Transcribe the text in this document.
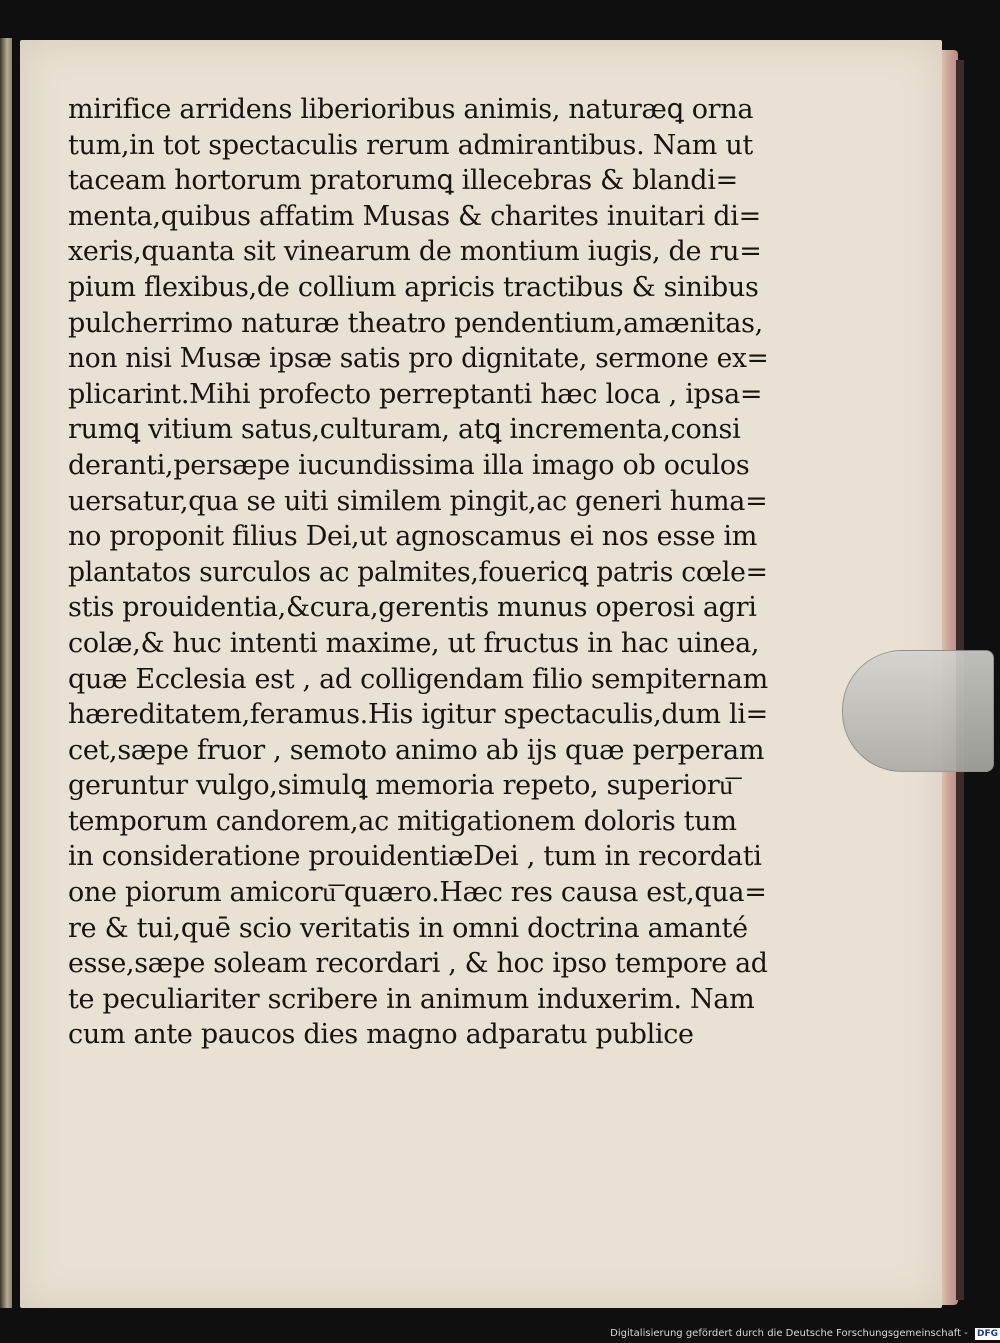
mirifice arridens liberioribus animis, naturæꝗ orna
tum,in tot spectaculis rerum admirantibus. Nam ut
taceam hortorum pratorumꝗ illecebras & blandi=
menta,quibus affatim Musas & charites inuitari di=
xeris,quanta sit vinearum de montium iugis, de ru=
pium flexibus,de collium apricis tractibus & sinibus
pulcherrimo naturæ theatro pendentium,amænitas,
non nisi Musæ ipsæ satis pro dignitate, sermone ex=
plicarint.Mihi profecto perreptanti hæc loca , ipsa=
rumꝗ vitium satus,culturam, atꝗ incrementa,consi
deranti,persæpe iucundissima illa imago ob oculos
uersatur,qua se uiti similem pingit,ac generi huma=
no proponit filius Dei,ut agnoscamus ei nos esse im
plantatos surculos ac palmites,fouericꝗ patris cœle=
stis prouidentia,&cura,gerentis munus operosi agri
colæ,& huc intenti maxime, ut fructus in hac uinea,
quæ Ecclesia est , ad colligendam filio sempiternam
hæreditatem,feramus.His igitur spectaculis,dum li=
cet,sæpe fruor , semoto animo ab ijs quæ perperam
geruntur vulgo,simulꝗ memoria repeto, superioru͞
temporum candorem,ac mitigationem doloris tum
in consideratione prouidentiæDei , tum in recordati
one piorum amicoru͞ quæro.Hæc res causa est,qua=
re & tui,quē scio veritatis in omni doctrina amanté
esse,sæpe soleam recordari , & hoc ipso tempore ad
te peculiariter scribere in animum induxerim. Nam
cum ante paucos dies magno adparatu publice
Digitalisierung gefördert durch die Deutsche Forschungsgemeinschaft - DFG
